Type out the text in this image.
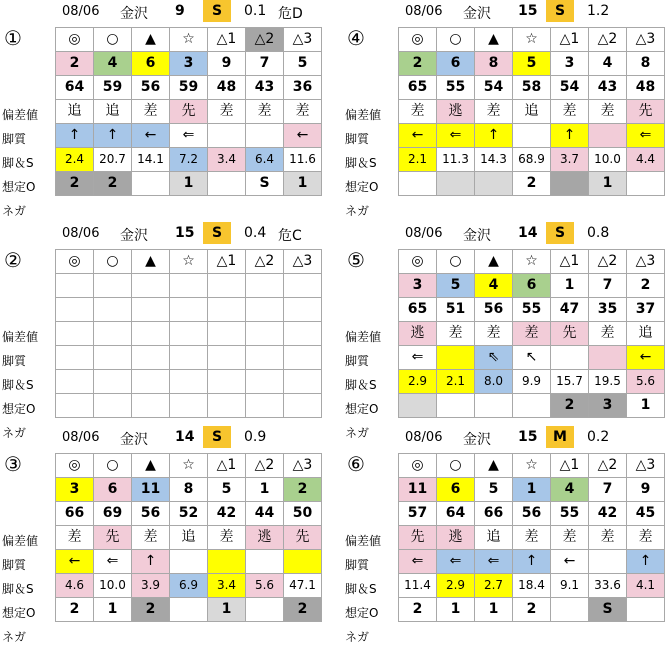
08/06 金沢 9	S	0.1 危D
①
偏差値
脚質
脚＆S
想定O
ネガ
◎	○	▲	☆	△1	△2	△3
2	4	6	3	9	7	5
64	59	56	59	48	43	36
追	追	差	先	差	差	差
↑	↑	←	⇐			←
2.4	20.7	14.1	7.2	3.4	6.4	11.6
2	2		1		S	1
08/06 金沢 15	S	1.2
④
偏差値
脚質
脚＆S
想定O
ネガ
◎	○	▲	☆	△1	△2	△3
2	6	8	5	3	4	8
65	55	54	58	54	43	48
差	逃	差	追	差	差	先
←	⇐	↑		↑		⇐
2.1	11.3	14.3	68.9	3.7	10.0	4.4
			2		1	
08/06 金沢 15	S	0.4 危C
②
偏差値
脚質
脚＆S
想定O
ネガ
◎	○	▲	☆	△1	△2	△3

08/06 金沢 14	S	0.8
⑤
偏差値
脚質
脚＆S
想定O
ネガ
◎	○	▲	☆	△1	△2	△3
3	5	4	6	1	7	2
65	51	56	55	47	35	37
逃	差	差	差	先	差	追
⇐		⇖	↖			←
2.9	2.1	8.0	9.9	15.7	19.5	5.6
				2	3	1
08/06 金沢 14	S	0.9
③
偏差値
脚質
脚＆S
想定O
ネガ
◎	○	▲	☆	△1	△2	△3
3	6	11	8	5	1	2
66	69	56	52	42	44	50
差	先	差	追	差	逃	先
←	⇐	↑				
4.6	10.0	3.9	6.9	3.4	5.6	47.1
2	1	2		1		2
08/06 金沢 15	M	0.2
⑥
偏差値
脚質
脚＆S
想定O
ネガ
◎	○	▲	☆	△1	△2	△3
11	6	5	1	4	7	9
57	64	66	56	55	42	45
先	逃	追	差	差	差	差
⇐	⇐	⇐	↑	←		↑
11.4	2.9	2.7	18.4	9.1	33.6	4.1
2	1	1	2		S	
